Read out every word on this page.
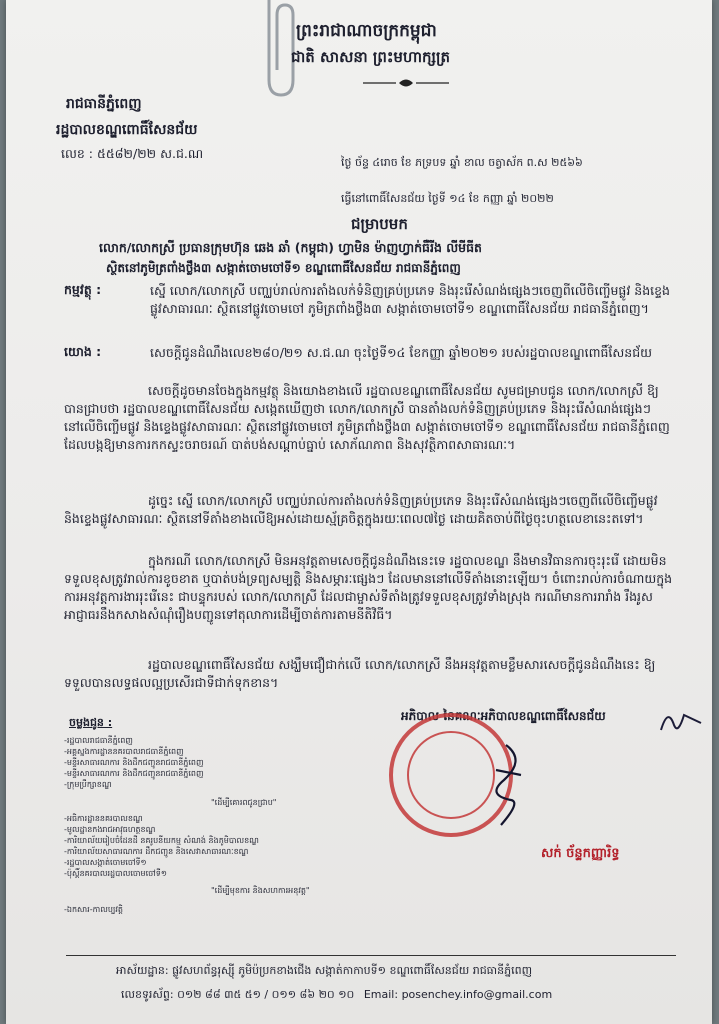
ព្រះរាជាណាចក្រកម្ពុជា
ជាតិ សាសនា ព្រះមហាក្សត្រ
រាជធានីភ្នំពេញ
រដ្ឋបាលខណ្ឌពោធិ៍សែនជ័យ
លេខ : ៥៥៨២/២២ ស.ជ.ណ
ថ្ងៃ ច័ន្ទ ៤រោច ខែ ភទ្របទ ឆ្នាំ ខាល ចត្វាស័ក ព.ស ២៥៦៦
ធ្វើនៅពោធិ៍សែនជ័យ ថ្ងៃទី ១៤ ខែ កញ្ញា ឆ្នាំ ២០២២
ជម្រាបមក
លោក/លោកស្រី ប្រធានក្រុមហ៊ុន ឆេង ឆាំ (កម្ពុជា) ហ្វាមិន ម៉ាញហ្វាក់ធឺរីង លីមីធីត
ស្ថិតនៅភូមិត្រពាំងថ្លឹង៣ សង្កាត់ចោមចៅទី១ ខណ្ឌពោធិ៍សែនជ័យ រាជធានីភ្នំពេញ
កម្មវត្ថុ :	ស្នើ លោក/លោកស្រី បញ្ឈប់រាល់ការតាំងលក់ទំនិញគ្រប់ប្រភេទ និងរុះរើសំណង់ផ្សេងៗចេញពីលើចិញ្ចើមផ្លូវ និងខ្ទេងផ្លូវសាធារណៈ ស្ថិតនៅផ្លូវចោមចៅ ភូមិត្រពាំងថ្លឹង៣ សង្កាត់ចោមចៅទី១ ខណ្ឌពោធិ៍សែនជ័យ រាជធានីភ្នំពេញ។
យោង :	សេចក្តីជូនដំណឹងលេខ២៨០/២១ ស.ជ.ណ ចុះថ្ងៃទី១៤ ខែកញ្ញា ឆ្នាំ២០២១ របស់រដ្ឋបាលខណ្ឌពោធិ៍សែនជ័យ
សេចក្តីដូចមានចែងក្នុងកម្មវត្ថុ និងយោងខាងលើ រដ្ឋបាលខណ្ឌពោធិ៍សែនជ័យ សូមជម្រាបជូន លោក/លោកស្រី ឱ្យបានជ្រាបថា រដ្ឋបាលខណ្ឌពោធិ៍សែនជ័យ សង្កេតឃើញថា លោក/លោកស្រី បានតាំងលក់ទំនិញគ្រប់ប្រភេទ និងរុះរើសំណង់ផ្សេងៗនៅលើចិញ្ចើមផ្លូវ និងខ្ទេងផ្លូវសាធារណៈ ស្ថិតនៅផ្លូវចោមចៅ ភូមិត្រពាំងថ្លឹង៣ សង្កាត់ចោមចៅទី១ ខណ្ឌពោធិ៍សែនជ័យ រាជធានីភ្នំពេញ ដែលបង្កឱ្យមានការកកស្ទះចរាចរណ៍ បាត់បង់សណ្តាប់ធ្នាប់ សោភ័ណភាព និងសុវត្ថិភាពសាធារណៈ។
ដូច្នេះ ស្នើ លោក/លោកស្រី បញ្ឈប់រាល់ការតាំងលក់ទំនិញគ្រប់ប្រភេទ និងរុះរើសំណង់ផ្សេងៗចេញពីលើចិញ្ចើមផ្លូវ និងខ្ទេងផ្លូវសាធារណៈ ស្ថិតនៅទីតាំងខាងលើឱ្យអស់ដោយស្ម័គ្រចិត្តក្នុងរយៈពេល៧ថ្ងៃ ដោយគិតចាប់ពីថ្ងៃចុះហត្ថលេខានេះតទៅ។
ក្នុងករណី លោក/លោកស្រី មិនអនុវត្តតាមសេចក្តីជូនដំណឹងនេះទេ រដ្ឋបាលខណ្ឌ នឹងមានវិធានការចុះរុះរើ ដោយមិនទទួលខុសត្រូវរាល់ការខូចខាត ឬបាត់បង់ទ្រព្យសម្បត្តិ និងសម្ភារៈផ្សេងៗ ដែលមាននៅលើទីតាំងនោះឡើយ។ ចំពោះរាល់ការចំណាយក្នុងការអនុវត្តការងាររុះរើនេះ ជាបន្ទុករបស់ លោក/លោកស្រី ដែលជាម្ចាស់ទីតាំងត្រូវទទួលខុសត្រូវទាំងស្រុង ករណីមានការរារាំង រឹងរូស អាជ្ញាធរនឹងកសាងសំណុំរឿងបញ្ជូនទៅតុលាការដើម្បីចាត់ការតាមនីតិវិធី។
រដ្ឋបាលខណ្ឌពោធិ៍សែនជ័យ សង្ឃឹមជឿជាក់លើ លោក/លោកស្រី នឹងអនុវត្តតាមខ្លឹមសារសេចក្តីជូនដំណឹងនេះ ឱ្យទទួលបានលទ្ធផលល្អប្រសើរជាទីជាក់ទុកខាន។
អភិបាល នៃគណៈអភិបាលខណ្ឌពោធិ៍សែនជ័យ
សក់ ច័ន្ទកញ្ញារិទ្ធ
ចម្លងជូន :
-រដ្ឋបាលរាជធានីភ្នំពេញ
-អគ្គស្នងការដ្ឋាននគរបាលរាជធានីភ្នំពេញ
-មន្ទីរសាធារណការ និងដឹកជញ្ជូនរាជធានីភ្នំពេញ
-មន្ទីរសាធារណការ និងដឹកជញ្ជូនរាជធានីភ្នំពេញ
-ក្រុមប្រឹក្សាខណ្ឌ
"ដើម្បីគោរពជូនជ្រាប"
-អធិការដ្ឋាននគរបាលខណ្ឌ
-មូលដ្ឋានកងរាជអាវុធហត្ថខណ្ឌ
-ការិយាល័យរៀបចំដែនដី នគរូបនីយកម្ម សំណង់ និងភូមិបាលខណ្ឌ
-ការិយាល័យសាធារណការ ដឹកជញ្ជូន និងសេវាសាធារណៈខណ្ឌ
-រដ្ឋបាលសង្កាត់ចោមចៅទី១
-ប៉ុស្តិ៍នគរបាលរដ្ឋបាលចោមចៅទី១
"ដើម្បីមុខការ និងសហការអនុវត្ត"
-ឯកសារ-កាលប្បវត្តិ
អាស័យដ្ឋាន: ផ្លូវសហព័ន្ធរុស្ស៊ី ភូមិប៉ប្រកខាងជើង សង្កាត់កាកាបទី១ ខណ្ឌពោធិ៍សែនជ័យ រាជធានីភ្នំពេញ
លេខទូរស័ព្ទ: ០១២ ៨៨ ៣៥ ៥១ / ០១១ ៨៦ ២០ ១០ Email: posenchey.info@gmail.com
